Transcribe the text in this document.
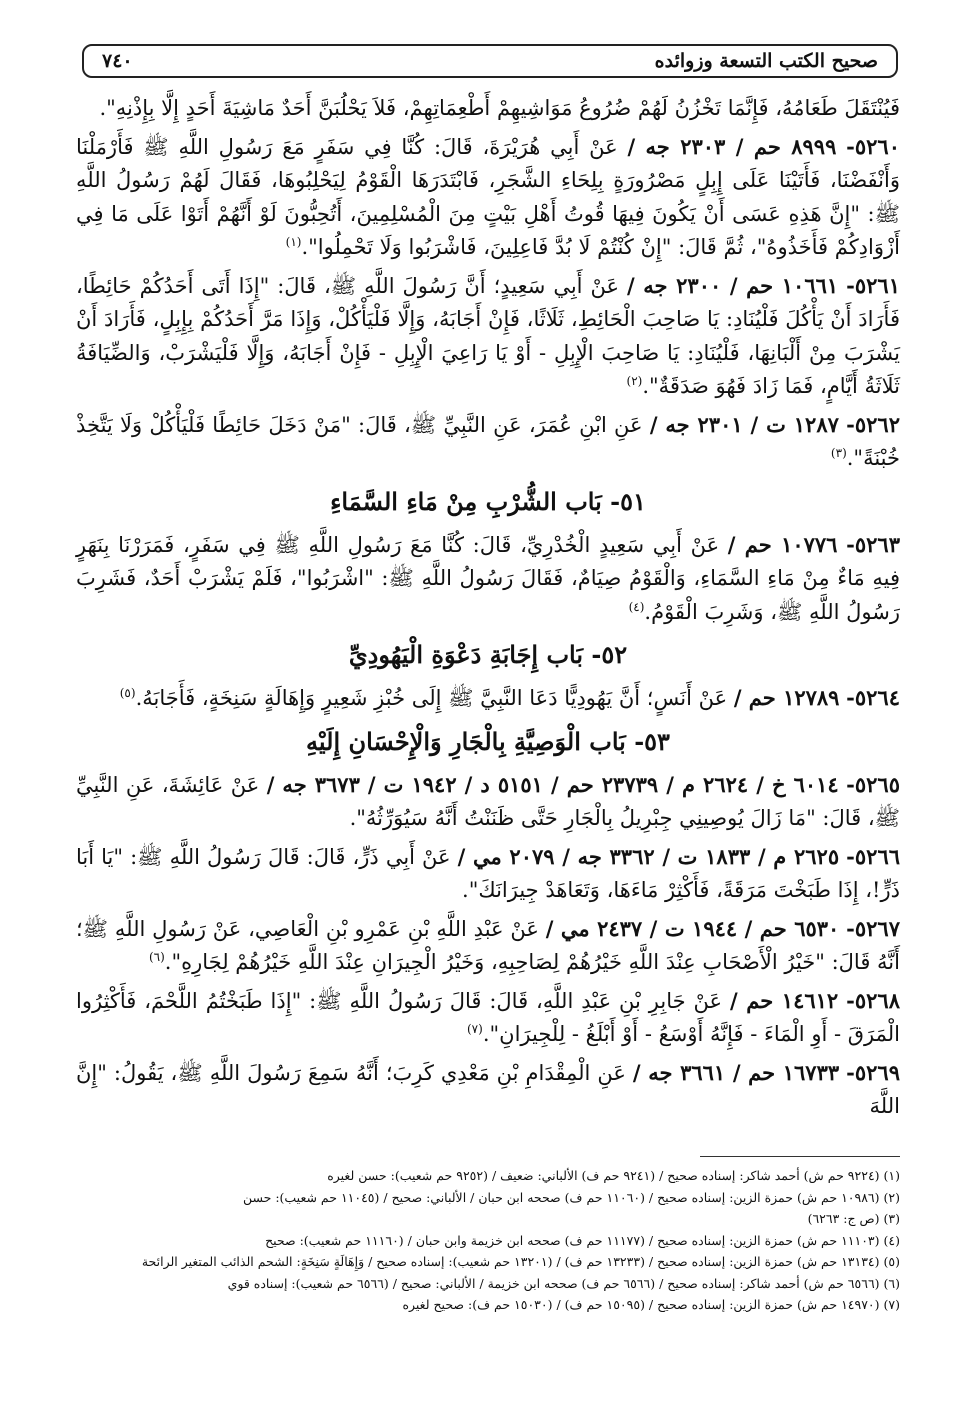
صحيح الكتب التسعة وزوائده
٧٤٠

فَيُنْتَقَلَ طَعَامُهُ، فَإِنَّمَا تَخْزُنُ لَهُمْ ضُرُوعُ مَوَاشِيهِمْ أَطْعِمَاتِهِمْ، فَلاَ يَحْلُبَنَّ أَحَدٌ مَاشِيَةَ أَحَدٍ إِلَّا بِإِذْنِهِ".

٥٢٦٠- ٨٩٩٩ حم / ٢٣٠٣ جه / عَنْ أَبِي هُرَيْرَةَ، قَالَ: كُنَّا فِي سَفَرٍ مَعَ رَسُولِ اللَّهِ ﷺ فَأَرْمَلْنَا وَأَنْفَضْنَا، فَأَتَيْنَا عَلَى إِبِلٍ مَصْرُورَةٍ بِلِحَاءِ الشَّجَرِ، فَابْتَدَرَهَا الْقَوْمُ لِيَحْلِبُوهَا، فَقَالَ لَهُمْ رَسُولُ اللَّهِ ﷺ: "إِنَّ هَذِهِ عَسَى أَنْ يَكُونَ فِيهَا قُوتُ أَهْلِ بَيْتٍ مِنَ الْمُسْلِمِينَ، أَتُحِبُّونَ لَوْ أَنَّهُمْ أَتَوْا عَلَى مَا فِي أَزْوَادِكُمْ فَأَخَذُوهُ"، ثُمَّ قَالَ: "إِنْ كُنْتُمْ لَا بُدَّ فَاعِلِينَ، فَاشْرَبُوا وَلَا تَحْمِلُوا".$^{(١)}$

٥٢٦١- ١٠٦٦١ حم / ٢٣٠٠ جه / عَنْ أَبِي سَعِيدٍ؛ أَنَّ رَسُولَ اللَّهِ ﷺ، قَالَ: "إِذَا أَتَى أَحَدُكُمْ حَائِطًا، فَأَرَادَ أَنْ يَأْكُلَ فَلْيُنَادِ: يَا صَاحِبَ الْحَائِطِ، ثَلَاثًا، فَإِنْ أَجَابَهُ، وَإِلَّا فَلْيَأْكُلْ، وَإِذَا مَرَّ أَحَدُكُمْ بِإِبِلٍ، فَأَرَادَ أَنْ يَشْرَبَ مِنْ أَلْبَانِهَا، فَلْيُنَادِ: يَا صَاحِبَ الْإِبِلِ - أَوْ يَا رَاعِيَ الْإِبِلِ - فَإِنْ أَجَابَهُ، وَإِلَّا فَلْيَشْرَبْ، وَالضِّيَافَةُ ثَلَاثَةُ أَيَّامٍ، فَمَا زَادَ فَهُوَ صَدَقَةٌ".$^{(٢)}$

٥٢٦٢- ١٢٨٧ ت / ٢٣٠١ جه / عَنِ ابْنِ عُمَرَ، عَنِ النَّبِيِّ ﷺ، قَالَ: "مَنْ دَخَلَ حَائِطًا فَلْيَأْكُلْ وَلَا يَتَّخِذْ خُبْنَةً".$^{(٣)}$

٥١- بَاب الشُّرْبِ مِنْ مَاءِ السَّمَاءِ

٥٢٦٣- ١٠٧٧٦ حم / عَنْ أَبِي سَعِيدٍ الْخُدْرِيِّ، قَالَ: كُنَّا مَعَ رَسُولِ اللَّهِ ﷺ فِي سَفَرٍ، فَمَرَرْنَا بِنَهَرٍ فِيهِ مَاءٌ مِنْ مَاءِ السَّمَاءِ، وَالْقَوْمُ صِيَامٌ، فَقَالَ رَسُولُ اللَّهِ ﷺ: "اشْرَبُوا"، فَلَمْ يَشْرَبْ أَحَدٌ، فَشَرِبَ رَسُولُ اللَّهِ ﷺ، وَشَرِبَ الْقَوْمُ.$^{(٤)}$

٥٢- بَاب إِجَابَةِ دَعْوَةِ الْيَهُودِيِّ

٥٢٦٤- ١٢٧٨٩ حم / عَنْ أَنَسٍ؛ أَنَّ يَهُودِيًّا دَعَا النَّبِيَّ ﷺ إِلَى خُبْزِ شَعِيرٍ وَإِهَالَةٍ سَنِخَةٍ، فَأَجَابَهُ.$^{(٥)}$

٥٣- بَاب الْوَصِيَّةِ بِالْجَارِ وَالْإِحْسَانِ إِلَيْهِ

٥٢٦٥- ٦٠١٤ خ / ٢٦٢٤ م / ٢٣٧٣٩ حم / ٥١٥١ د / ١٩٤٢ ت / ٣٦٧٣ جه / عَنْ عَائِشَةَ، عَنِ النَّبِيِّ ﷺ، قَالَ: "مَا زَالَ يُوصِينِي جِبْرِيلُ بِالْجَارِ حَتَّى ظَنَنْتُ أَنَّهُ سَيُوَرِّثُهُ".

٥٢٦٦- ٢٦٢٥ م / ١٨٣٣ ت / ٣٣٦٢ جه / ٢٠٧٩ مي / عَنْ أَبِي ذَرٍّ، قَالَ: قَالَ رَسُولُ اللَّهِ ﷺ: "يَا أَبَا ذَرٍّ!، إِذَا طَبَخْتَ مَرَقَةً، فَأَكْثِرْ مَاءَهَا، وَتَعَاهَدْ جِيرَانَكَ".

٥٢٦٧- ٦٥٣٠ حم / ١٩٤٤ ت / ٢٤٣٧ مي / عَنْ عَبْدِ اللَّهِ بْنِ عَمْرِو بْنِ الْعَاصِي، عَنْ رَسُولِ اللَّهِ ﷺ؛ أَنَّهُ قَالَ: "خَيْرُ الْأَصْحَابِ عِنْدَ اللَّهِ خَيْرُهُمْ لِصَاحِبِهِ، وَخَيْرُ الْجِيرَانِ عِنْدَ اللَّهِ خَيْرُهُمْ لِجَارِهِ".$^{(٦)}$

٥٢٦٨- ١٤٦١٢ حم / عَنْ جَابِرِ بْنِ عَبْدِ اللَّهِ، قَالَ: قَالَ رَسُولُ اللَّهِ ﷺ: "إِذَا طَبَخْتُمُ اللَّحْمَ، فَأَكْثِرُوا الْمَرَقَ - أَوِ الْمَاءَ - فَإِنَّهُ أَوْسَعُ - أَوْ أَبْلَغُ - لِلْجِيرَانِ".$^{(٧)}$

٥٢٦٩- ١٦٧٣٣ حم / ٣٦٦١ جه / عَنِ الْمِقْدَامِ بْنِ مَعْدِي كَرِبَ؛ أَنَّهُ سَمِعَ رَسُولَ اللَّهِ ﷺ، يَقُولُ: "إِنَّ اللَّهَ

(١) (٩٢٢٤ حم ش) أحمد شاكر: إسناده صحيح / (٩٢٤١ حم ف) الألباني: ضعيف / (٩٢٥٢ حم شعيب): حسن لغيره
(٢) (١٠٩٨٦ حم ش) حمزة الزين: إسناده صحيح / (١١٠٦٠ حم ف) صححه ابن حبان / الألباني: صحيح / (١١٠٤٥ حم شعيب): حسن
(٣) (ص ج: ٦٢٦٣)
(٤) (١١١٠٣ حم ش) حمزة الزين: إسناده صحيح / (١١١٧٧ حم ف) صححه ابن خزيمة وابن حبان / (١١١٦٠ حم شعيب): صحيح
(٥) (١٣١٣٤ حم ش) حمزة الزين: إسناده صحيح / (١٣٢٣٣ حم ف) / (١٣٢٠١ حم شعيب): إسناده صحيح / وَإِهَالَةٍ سَنِخَةٍ: الشحم الذائب المتغير الرائحة
(٦) (٦٥٦٦ حم ش) أحمد شاكر: إسناده صحيح / (٦٥٦٦ حم ف) صححه ابن خزيمة / الألباني: صحيح / (٦٥٦٦ حم شعيب): إسناده قوي
(٧) (١٤٩٧٠ حم ش) حمزة الزين: إسناده صحيح / (١٥٠٩٥ حم ف) / (١٥٠٣٠ حم ف): صحيح لغيره
